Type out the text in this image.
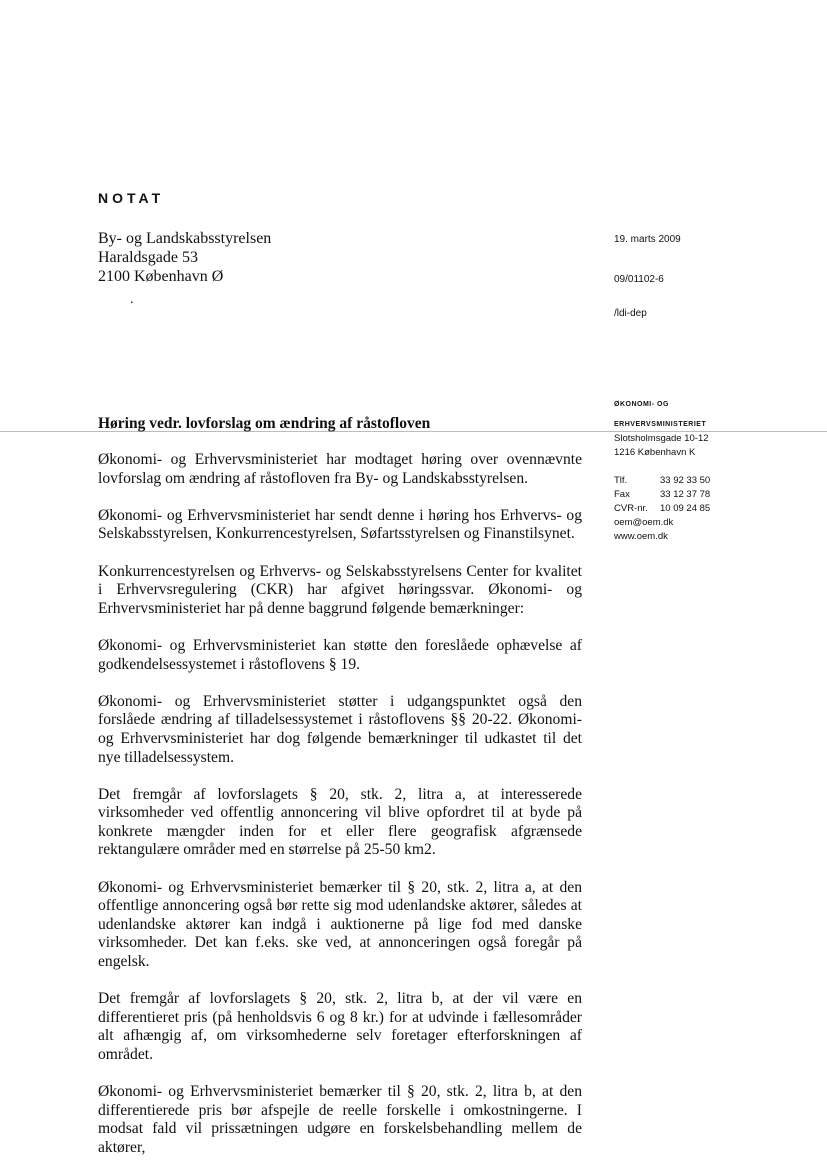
NOTAT
By- og Landskabsstyrelsen
Haraldsgade 53
2100 København Ø
.
19. marts 2009
09/01102-6
/ldi-dep
ØKONOMI- OG
ERHVERVSMINISTERIET
Høring vedr. lovforslag om ændring af råstofloven
Slotsholmsgade 10-12
1216 København K
Tlf.	33 92 33 50
Fax	33 12 37 78
CVR-nr. 10 09 24 85
oem@oem.dk
www.oem.dk

Økonomi- og Erhvervsministeriet har modtaget høring over ovennævnte lovforslag om ændring af råstofloven fra By- og Landskabsstyrelsen.

Økonomi- og Erhvervsministeriet har sendt denne i høring hos Erhvervs- og Selskabsstyrelsen, Konkurrencestyrelsen, Søfartsstyrelsen og Finanstilsynet.

Konkurrencestyrelsen og Erhvervs- og Selskabsstyrelsens Center for kvalitet i Erhvervsregulering (CKR) har afgivet høringssvar. Økonomi- og Erhvervsministeriet har på denne baggrund følgende bemærkninger:

Økonomi- og Erhvervsministeriet kan støtte den foreslåede ophævelse af godkendelsessystemet i råstoflovens § 19.

Økonomi- og Erhvervsministeriet støtter i udgangspunktet også den forslåede ændring af tilladelsessystemet i råstoflovens §§ 20-22. Økonomi- og Erhvervsministeriet har dog følgende bemærkninger til udkastet til det nye tilladelsessystem.

Det fremgår af lovforslagets § 20, stk. 2, litra a, at interesserede virksomheder ved offentlig annoncering vil blive opfordret til at byde på konkrete mængder inden for et eller flere geografisk afgrænsede rektangulære områder med en størrelse på 25-50 km2.

Økonomi- og Erhvervsministeriet bemærker til § 20, stk. 2, litra a, at den offentlige annoncering også bør rette sig mod udenlandske aktører, således at udenlandske aktører kan indgå i auktionerne på lige fod med danske virksomheder. Det kan f.eks. ske ved, at annonceringen også foregår på engelsk.

Det fremgår af lovforslagets § 20, stk. 2, litra b, at der vil være en differentieret pris (på henholdsvis 6 og 8 kr.) for at udvinde i fællesområder alt afhængig af, om virksomhederne selv foretager efterforskningen af området.

Økonomi- og Erhvervsministeriet bemærker til § 20, stk. 2, litra b, at den differentierede pris bør afspejle de reelle forskelle i omkostningerne. I modsat fald vil prissætningen udgøre en forskelsbehandling mellem de aktører,
